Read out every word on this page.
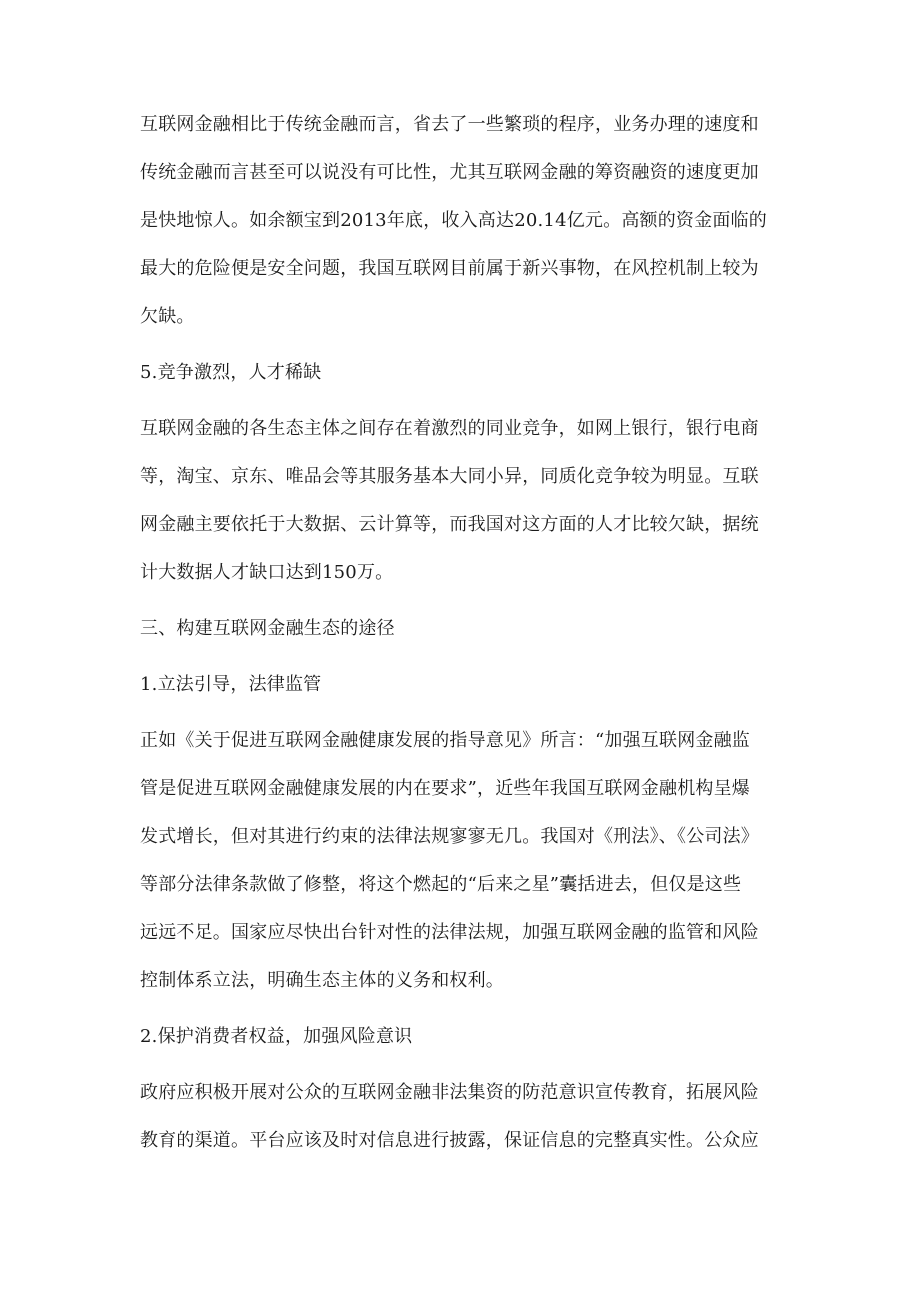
互联网金融相比于传统金融而言，省去了一些繁琐的程序，业务办理的速度和
传统金融而言甚至可以说没有可比性，尤其互联网金融的筹资融资的速度更加
是快地惊人。如余额宝到2013年底，收入高达20.14亿元。高额的资金面临的
最大的危险便是安全问题，我国互联网目前属于新兴事物，在风控机制上较为
欠缺。
5.竞争激烈，人才稀缺
互联网金融的各生态主体之间存在着激烈的同业竞争，如网上银行，银行电商
等，淘宝、京东、唯品会等其服务基本大同小异，同质化竞争较为明显。互联
网金融主要依托于大数据、云计算等，而我国对这方面的人才比较欠缺，据统
计大数据人才缺口达到150万。
三、构建互联网金融生态的途径
1.立法引导，法律监管
正如《关于促进互联网金融健康发展的指导意见》所言：“加强互联网金融监
管是促进互联网金融健康发展的内在要求”，近些年我国互联网金融机构呈爆
发式增长，但对其进行约束的法律法规寥寥无几。我国对《刑法》、《公司法》
等部分法律条款做了修整，将这个燃起的“后来之星”囊括进去，但仅是这些
远远不足。国家应尽快出台针对性的法律法规，加强互联网金融的监管和风险
控制体系立法，明确生态主体的义务和权利。
2.保护消费者权益，加强风险意识
政府应积极开展对公众的互联网金融非法集资的防范意识宣传教育，拓展风险
教育的渠道。平台应该及时对信息进行披露，保证信息的完整真实性。公众应
